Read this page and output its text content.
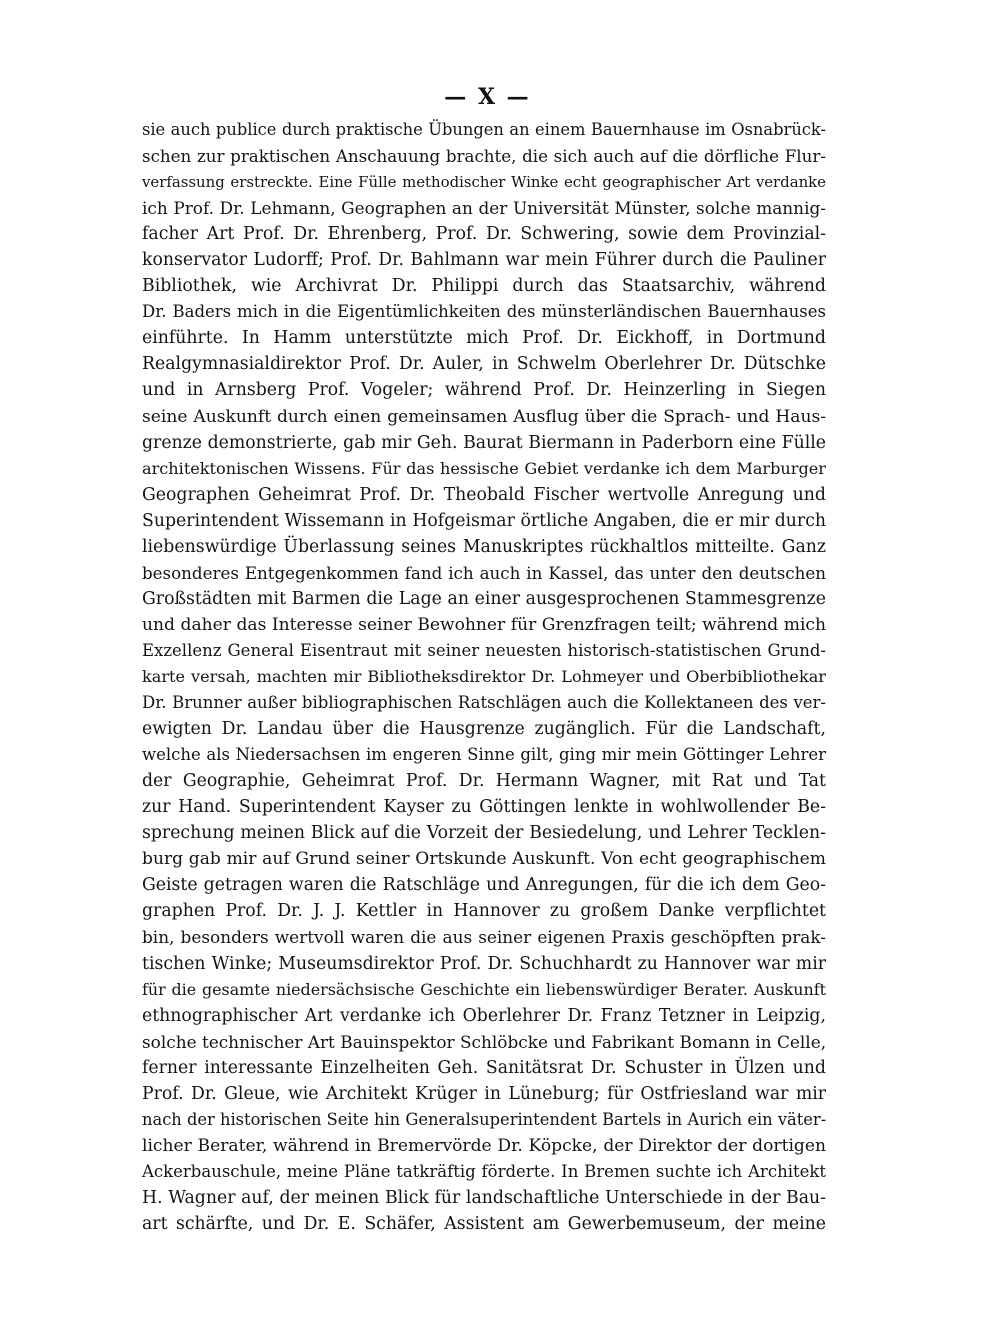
— X —
sie auch publice durch praktische Übungen an einem Bauernhause im Osnabrück-
schen zur praktischen Anschauung brachte, die sich auch auf die dörfliche Flur-
verfassung erstreckte. Eine Fülle methodischer Winke echt geographischer Art verdanke
ich Prof. Dr. Lehmann, Geographen an der Universität Münster, solche mannig-
facher Art Prof. Dr. Ehrenberg, Prof. Dr. Schwering, sowie dem Provinzial-
konservator Ludorff; Prof. Dr. Bahlmann war mein Führer durch die Pauliner
Bibliothek, wie Archivrat Dr. Philippi durch das Staatsarchiv, während
Dr. Baders mich in die Eigentümlichkeiten des münsterländischen Bauernhauses
einführte. In Hamm unterstützte mich Prof. Dr. Eickhoff, in Dortmund
Realgymnasialdirektor Prof. Dr. Auler, in Schwelm Oberlehrer Dr. Dütschke
und in Arnsberg Prof. Vogeler; während Prof. Dr. Heinzerling in Siegen
seine Auskunft durch einen gemeinsamen Ausflug über die Sprach- und Haus-
grenze demonstrierte, gab mir Geh. Baurat Biermann in Paderborn eine Fülle
architektonischen Wissens. Für das hessische Gebiet verdanke ich dem Marburger
Geographen Geheimrat Prof. Dr. Theobald Fischer wertvolle Anregung und
Superintendent Wissemann in Hofgeismar örtliche Angaben, die er mir durch
liebenswürdige Überlassung seines Manuskriptes rückhaltlos mitteilte. Ganz
besonderes Entgegenkommen fand ich auch in Kassel, das unter den deutschen
Großstädten mit Barmen die Lage an einer ausgesprochenen Stammesgrenze
und daher das Interesse seiner Bewohner für Grenzfragen teilt; während mich
Exzellenz General Eisentraut mit seiner neuesten historisch-statistischen Grund-
karte versah, machten mir Bibliotheksdirektor Dr. Lohmeyer und Oberbibliothekar
Dr. Brunner außer bibliographischen Ratschlägen auch die Kollektaneen des ver-
ewigten Dr. Landau über die Hausgrenze zugänglich. Für die Landschaft,
welche als Niedersachsen im engeren Sinne gilt, ging mir mein Göttinger Lehrer
der Geographie, Geheimrat Prof. Dr. Hermann Wagner, mit Rat und Tat
zur Hand. Superintendent Kayser zu Göttingen lenkte in wohlwollender Be-
sprechung meinen Blick auf die Vorzeit der Besiedelung, und Lehrer Tecklen-
burg gab mir auf Grund seiner Ortskunde Auskunft. Von echt geographischem
Geiste getragen waren die Ratschläge und Anregungen, für die ich dem Geo-
graphen Prof. Dr. J. J. Kettler in Hannover zu großem Danke verpflichtet
bin, besonders wertvoll waren die aus seiner eigenen Praxis geschöpften prak-
tischen Winke; Museumsdirektor Prof. Dr. Schuchhardt zu Hannover war mir
für die gesamte niedersächsische Geschichte ein liebenswürdiger Berater. Auskunft
ethnographischer Art verdanke ich Oberlehrer Dr. Franz Tetzner in Leipzig,
solche technischer Art Bauinspektor Schlöbcke und Fabrikant Bomann in Celle,
ferner interessante Einzelheiten Geh. Sanitätsrat Dr. Schuster in Ülzen und
Prof. Dr. Gleue, wie Architekt Krüger in Lüneburg; für Ostfriesland war mir
nach der historischen Seite hin Generalsuperintendent Bartels in Aurich ein väter-
licher Berater, während in Bremervörde Dr. Köpcke, der Direktor der dortigen
Ackerbauschule, meine Pläne tatkräftig förderte. In Bremen suchte ich Architekt
H. Wagner auf, der meinen Blick für landschaftliche Unterschiede in der Bau-
art schärfte, und Dr. E. Schäfer, Assistent am Gewerbemuseum, der meine
